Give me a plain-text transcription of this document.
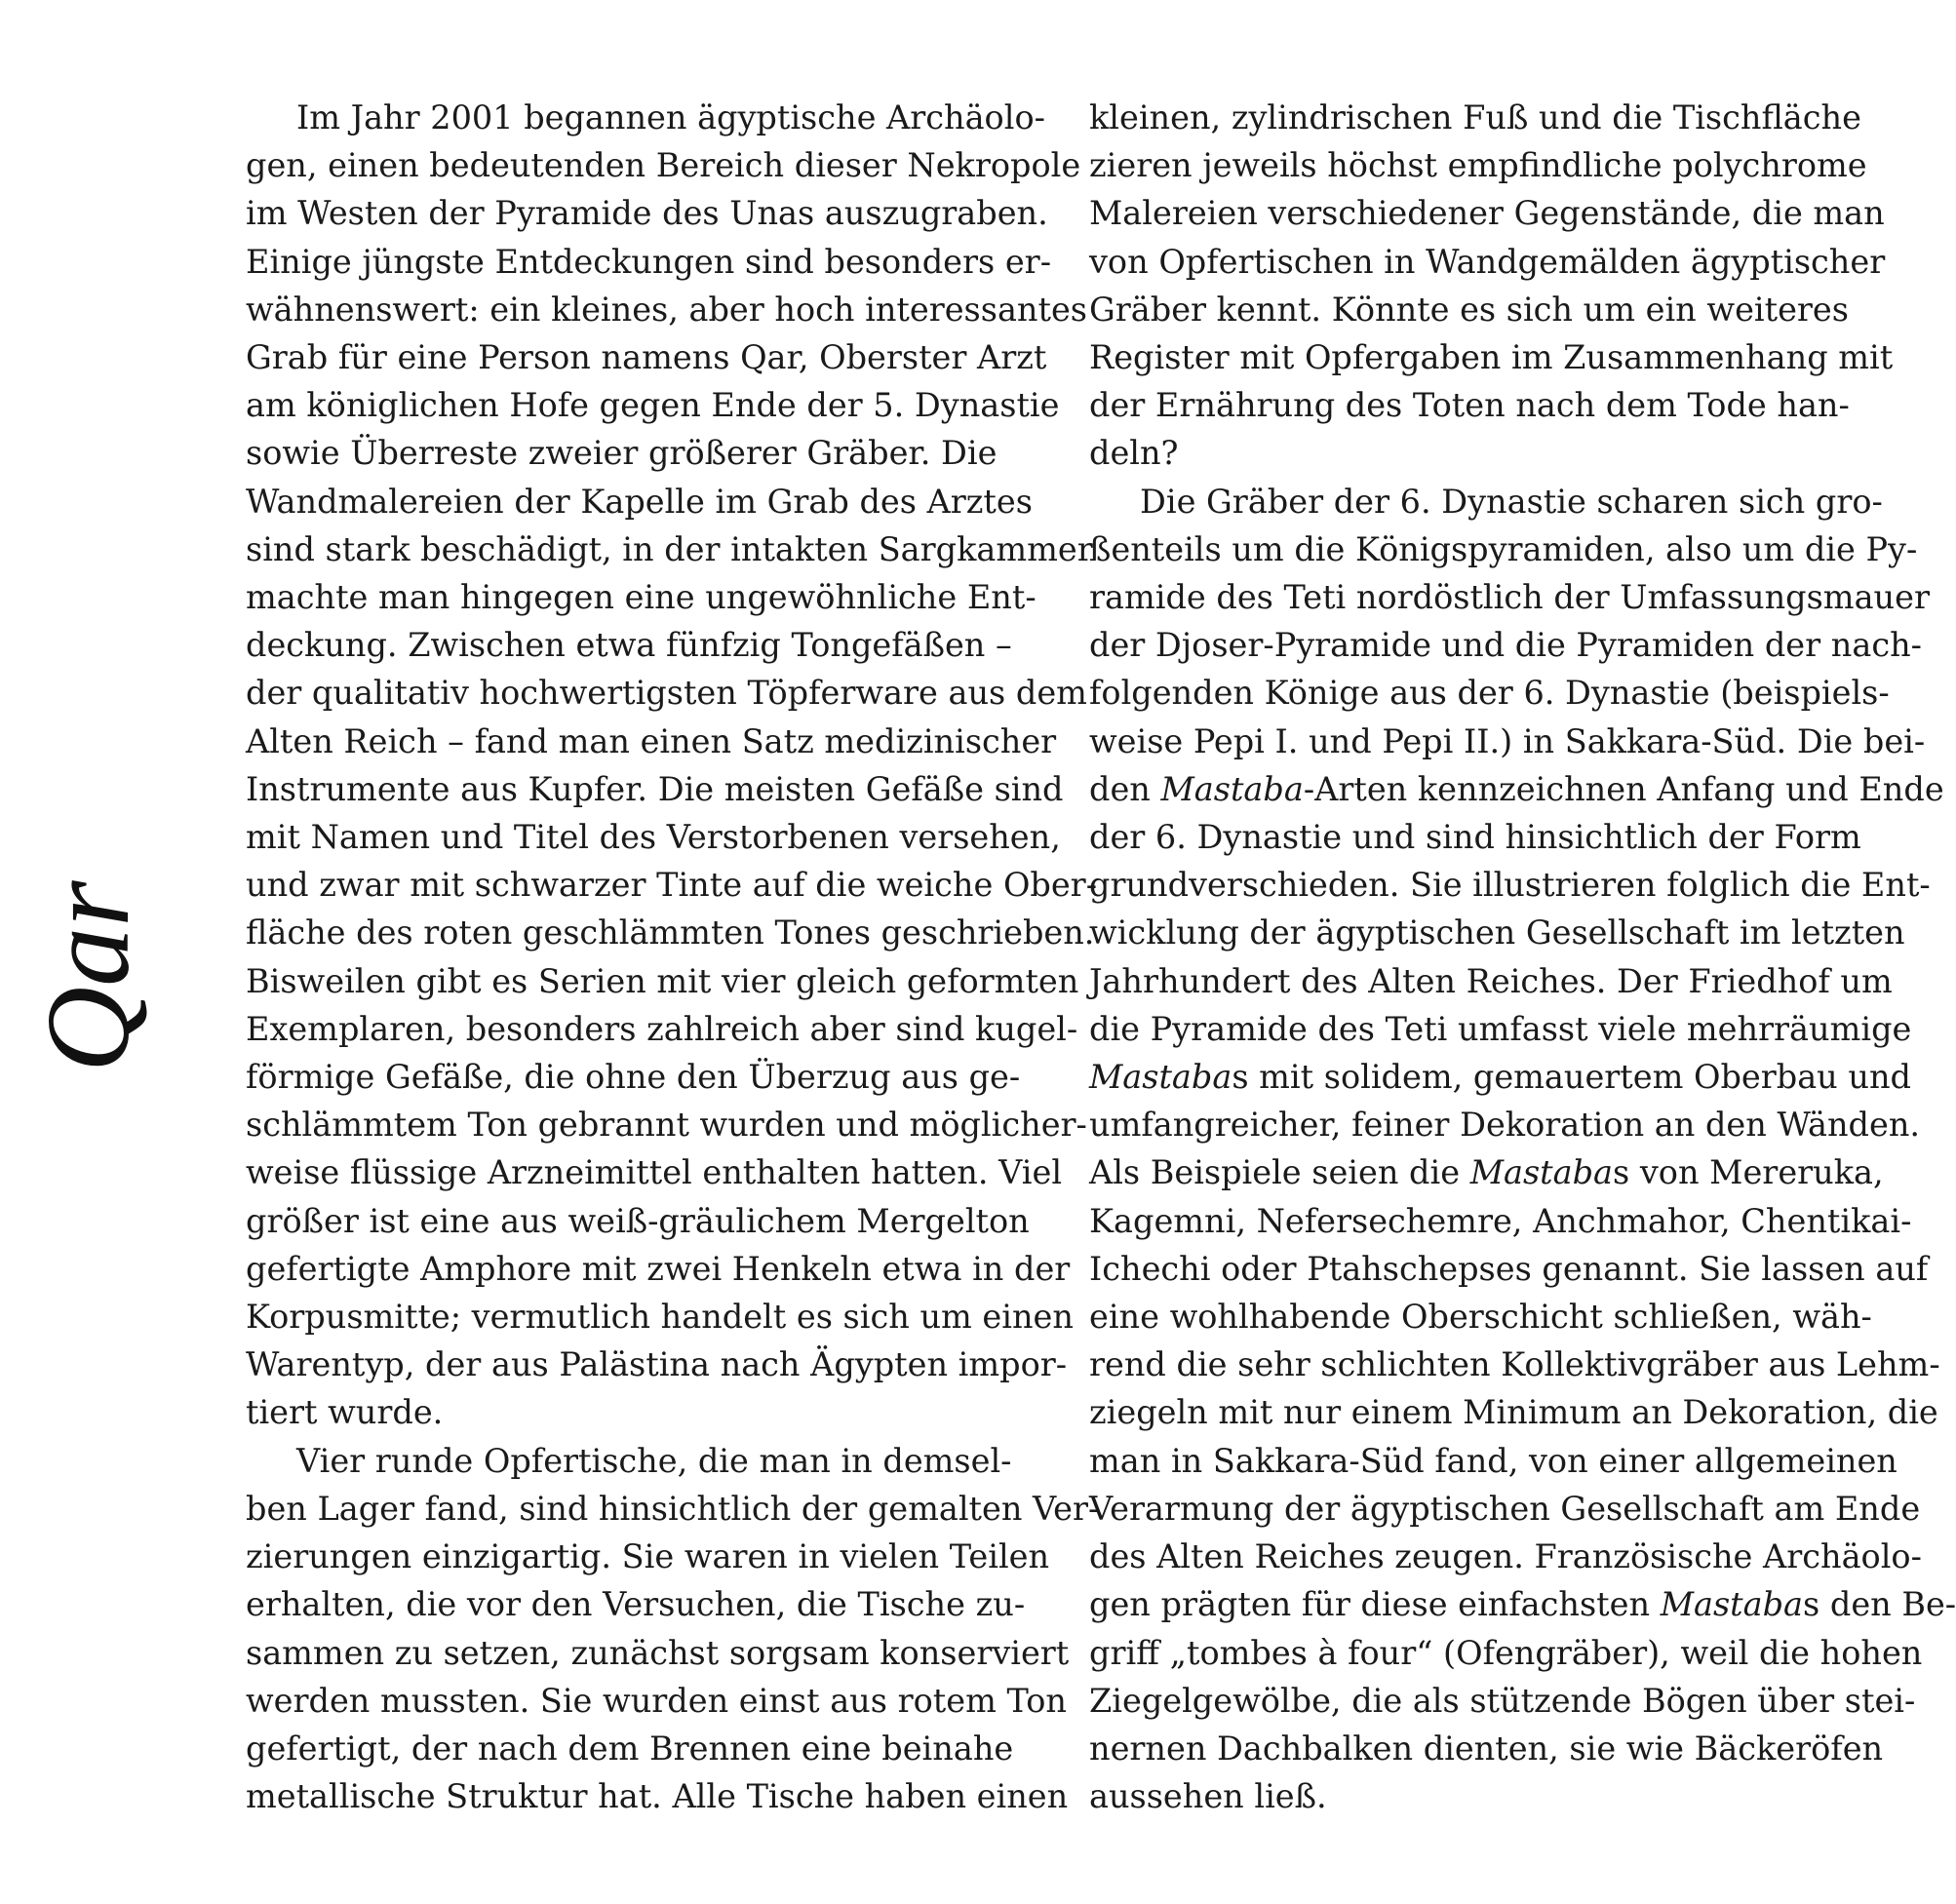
Qar
Im Jahr 2001 begannen ägyptische Archäolo-
gen, einen bedeutenden Bereich dieser Nekropole
im Westen der Pyramide des Unas auszugraben.
Einige jüngste Entdeckungen sind besonders er-
wähnenswert: ein kleines, aber hoch interessantes
Grab für eine Person namens Qar, Oberster Arzt
am königlichen Hofe gegen Ende der 5. Dynastie
sowie Überreste zweier größerer Gräber. Die
Wandmalereien der Kapelle im Grab des Arztes
sind stark beschädigt, in der intakten Sargkammer
machte man hingegen eine ungewöhnliche Ent-
deckung. Zwischen etwa fünfzig Tongefäßen –
der qualitativ hochwertigsten Töpferware aus dem
Alten Reich – fand man einen Satz medizinischer
Instrumente aus Kupfer. Die meisten Gefäße sind
mit Namen und Titel des Verstorbenen versehen,
und zwar mit schwarzer Tinte auf die weiche Ober-
fläche des roten geschlämmten Tones geschrieben.
Bisweilen gibt es Serien mit vier gleich geformten
Exemplaren, besonders zahlreich aber sind kugel-
förmige Gefäße, die ohne den Überzug aus ge-
schlämmtem Ton gebrannt wurden und möglicher-
weise flüssige Arzneimittel enthalten hatten. Viel
größer ist eine aus weiß-gräulichem Mergelton
gefertigte Amphore mit zwei Henkeln etwa in der
Korpusmitte; vermutlich handelt es sich um einen
Warentyp, der aus Palästina nach Ägypten impor-
tiert wurde.
Vier runde Opfertische, die man in demsel-
ben Lager fand, sind hinsichtlich der gemalten Ver-
zierungen einzigartig. Sie waren in vielen Teilen
erhalten, die vor den Versuchen, die Tische zu-
sammen zu setzen, zunächst sorgsam konserviert
werden mussten. Sie wurden einst aus rotem Ton
gefertigt, der nach dem Brennen eine beinahe
metallische Struktur hat. Alle Tische haben einen
kleinen, zylindrischen Fuß und die Tischfläche
zieren jeweils höchst empfindliche polychrome
Malereien verschiedener Gegenstände, die man
von Opfertischen in Wandgemälden ägyptischer
Gräber kennt. Könnte es sich um ein weiteres
Register mit Opfergaben im Zusammenhang mit
der Ernährung des Toten nach dem Tode han-
deln?
Die Gräber der 6. Dynastie scharen sich gro-
ßenteils um die Königspyramiden, also um die Py-
ramide des Teti nordöstlich der Umfassungsmauer
der Djoser-Pyramide und die Pyramiden der nach-
folgenden Könige aus der 6. Dynastie (beispiels-
weise Pepi I. und Pepi II.) in Sakkara-Süd. Die bei-
den Mastaba-Arten kennzeichnen Anfang und Ende
der 6. Dynastie und sind hinsichtlich der Form
grundverschieden. Sie illustrieren folglich die Ent-
wicklung der ägyptischen Gesellschaft im letzten
Jahrhundert des Alten Reiches. Der Friedhof um
die Pyramide des Teti umfasst viele mehrräumige
Mastabas mit solidem, gemauertem Oberbau und
umfangreicher, feiner Dekoration an den Wänden.
Als Beispiele seien die Mastabas von Mereruka,
Kagemni, Nefersechemre, Anchmahor, Chentikai-
Ichechi oder Ptahschepses genannt. Sie lassen auf
eine wohlhabende Oberschicht schließen, wäh-
rend die sehr schlichten Kollektivgräber aus Lehm-
ziegeln mit nur einem Minimum an Dekoration, die
man in Sakkara-Süd fand, von einer allgemeinen
Verarmung der ägyptischen Gesellschaft am Ende
des Alten Reiches zeugen. Französische Archäolo-
gen prägten für diese einfachsten Mastabas den Be-
griff „tombes à four“ (Ofengräber), weil die hohen
Ziegelgewölbe, die als stützende Bögen über stei-
nernen Dachbalken dienten, sie wie Bäckeröfen
aussehen ließ.
